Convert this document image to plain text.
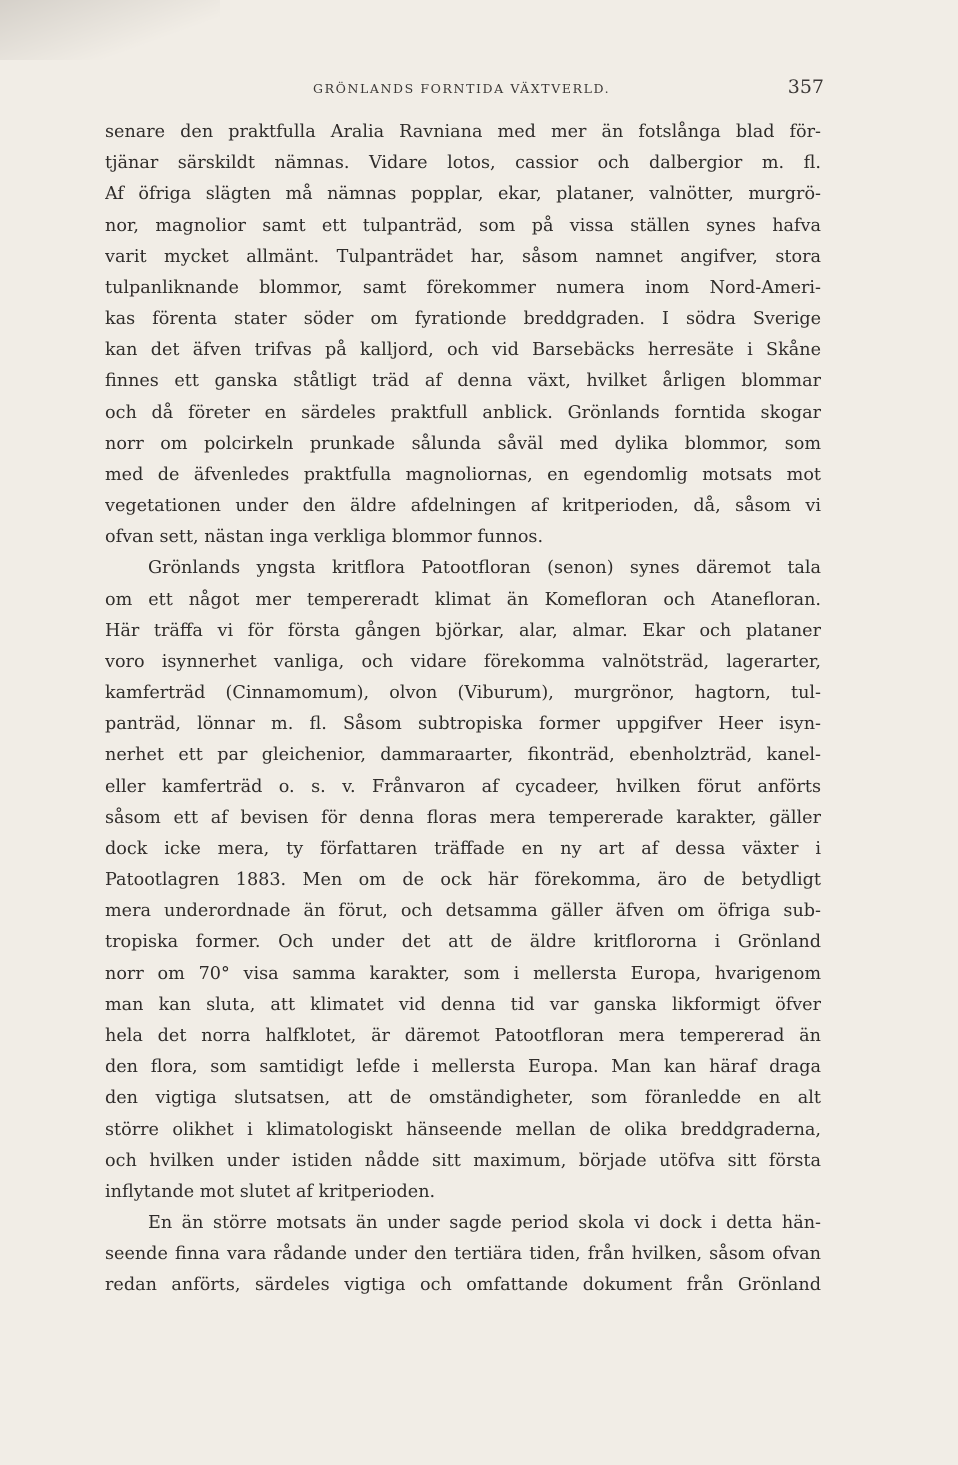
GRÖNLANDS FORNTIDA VÄXTVERLD.	357
senare den praktfulla Aralia Ravniana med mer än fotslånga blad för-
tjänar särskildt nämnas. Vidare lotos, cassior och dalbergior m. fl.
Af öfriga slägten må nämnas popplar, ekar, plataner, valnötter, murgrö-
nor, magnolior samt ett tulpanträd, som på vissa ställen synes hafva
varit mycket allmänt. Tulpanträdet har, såsom namnet angifver, stora
tulpanliknande blommor, samt förekommer numera inom Nord-Ameri-
kas förenta stater söder om fyrationde breddgraden. I södra Sverige
kan det äfven trifvas på kalljord, och vid Barsebäcks herresäte i Skåne
finnes ett ganska ståtligt träd af denna växt, hvilket årligen blommar
och då företer en särdeles praktfull anblick. Grönlands forntida skogar
norr om polcirkeln prunkade sålunda såväl med dylika blommor, som
med de äfvenledes praktfulla magnoliornas, en egendomlig motsats mot
vegetationen under den äldre afdelningen af kritperioden, då, såsom vi
ofvan sett, nästan inga verkliga blommor funnos.
Grönlands yngsta kritflora Patootfloran (senon) synes däremot tala
om ett något mer tempereradt klimat än Komefloran och Atanefloran.
Här träffa vi för första gången björkar, alar, almar. Ekar och plataner
voro isynnerhet vanliga, och vidare förekomma valnötsträd, lagerarter,
kamferträd (Cinnamomum), olvon (Viburum), murgrönor, hagtorn, tul-
panträd, lönnar m. fl. Såsom subtropiska former uppgifver Heer isyn-
nerhet ett par gleichenior, dammaraarter, fikonträd, ebenholzträd, kanel-
eller kamferträd o. s. v. Frånvaron af cycadeer, hvilken förut anförts
såsom ett af bevisen för denna floras mera tempererade karakter, gäller
dock icke mera, ty författaren träffade en ny art af dessa växter i
Patootlagren 1883. Men om de ock här förekomma, äro de betydligt
mera underordnade än förut, och detsamma gäller äfven om öfriga sub-
tropiska former. Och under det att de äldre kritflororna i Grönland
norr om 70° visa samma karakter, som i mellersta Europa, hvarigenom
man kan sluta, att klimatet vid denna tid var ganska likformigt öfver
hela det norra halfklotet, är däremot Patootfloran mera tempererad än
den flora, som samtidigt lefde i mellersta Europa. Man kan häraf draga
den vigtiga slutsatsen, att de omständigheter, som föranledde en alt
större olikhet i klimatologiskt hänseende mellan de olika breddgraderna,
och hvilken under istiden nådde sitt maximum, började utöfva sitt första
inflytande mot slutet af kritperioden.
En än större motsats än under sagde period skola vi dock i detta hän-
seende finna vara rådande under den tertiära tiden, från hvilken, såsom ofvan
redan anförts, särdeles vigtiga och omfattande dokument från Grönland
